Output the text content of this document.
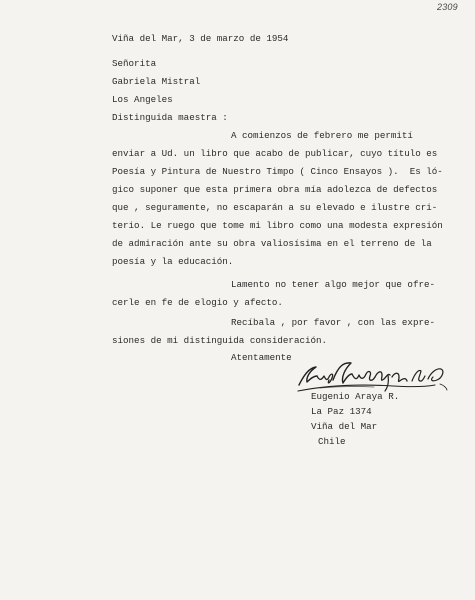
2309
Viña del Mar, 3 de marzo de 1954
Señorita
Gabriela Mistral
Los Angeles
Distinguida maestra :
A comienzos de febrero me permití
enviar a Ud. un libro que acabo de publicar, cuyo título es
Poesía y Pintura de Nuestro Timpo ( Cinco Ensayos ).  Es ló-
gico suponer que esta primera obra mía adolezca de defectos
que , seguramente, no escaparán a su elevado e ilustre cri-
terio. Le ruego que tome mi libro como una modesta expresión
de admiración ante su obra valiosísima en el terreno de la
poesía y la educación.
Lamento no tener algo mejor que ofre-
cerle en fe de elogio y afecto.
Recíbala , por favor , con las expre-
siones de mi distinguida consideración.
Atentamente
Eugenio Araya R.
La Paz 1374
Viña del Mar
Chile
